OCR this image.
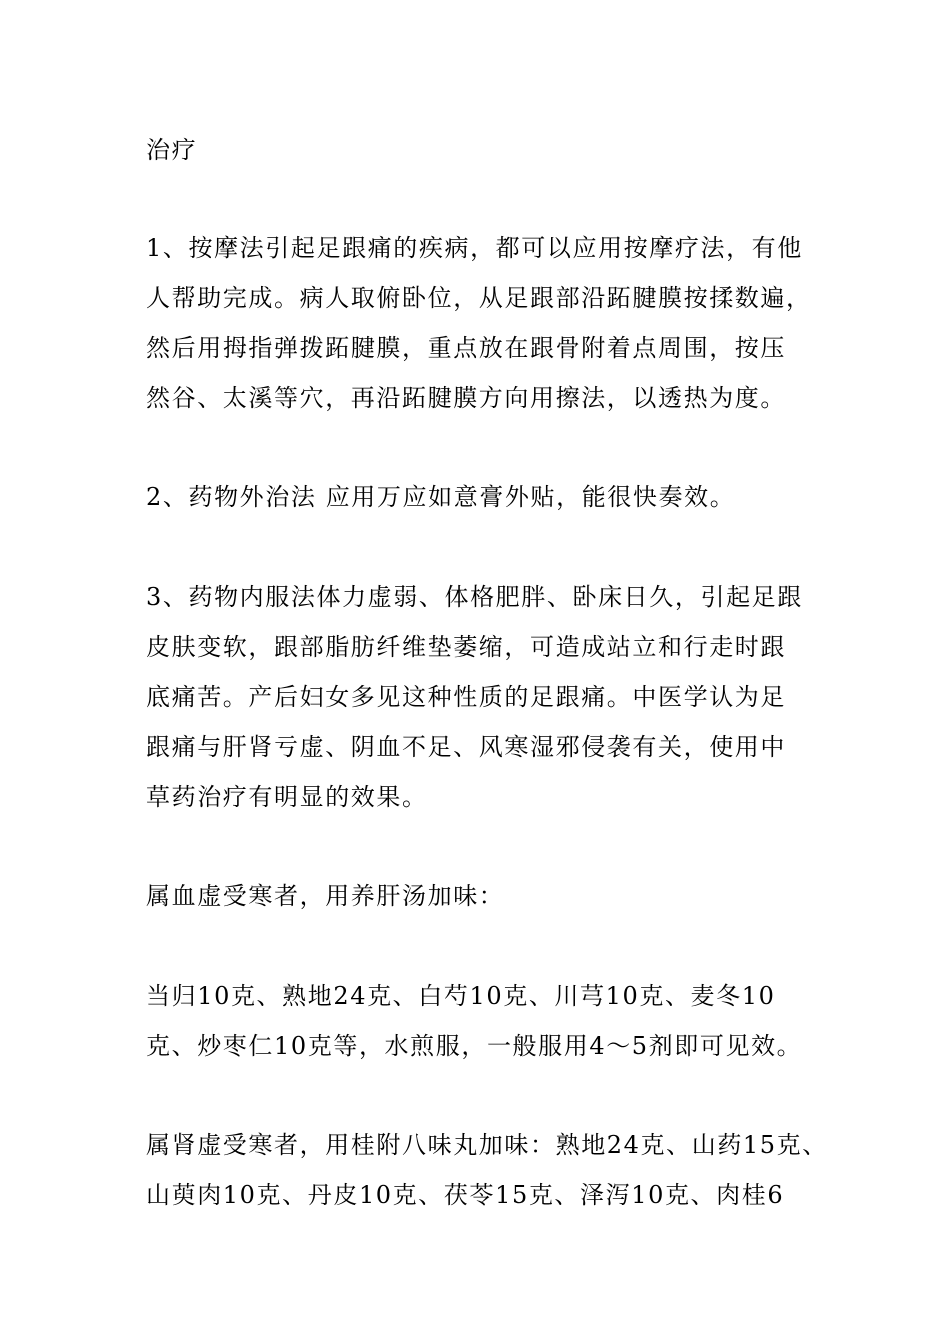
治疗
1、按摩法引起足跟痛的疾病，都可以应用按摩疗法，有他
人帮助完成。病人取俯卧位，从足跟部沿跖腱膜按揉数遍，
然后用拇指弹拨跖腱膜，重点放在跟骨附着点周围，按压
然谷、太溪等穴，再沿跖腱膜方向用擦法，以透热为度。
2、药物外治法 应用万应如意膏外贴，能很快奏效。
3、药物内服法体力虚弱、体格肥胖、卧床日久，引起足跟
皮肤变软，跟部脂肪纤维垫萎缩，可造成站立和行走时跟
底痛苦。产后妇女多见这种性质的足跟痛。中医学认为足
跟痛与肝肾亏虚、阴血不足、风寒湿邪侵袭有关，使用中
草药治疗有明显的效果。
属血虚受寒者，用养肝汤加味：
当归10克、熟地24克、白芍10克、川芎10克、麦冬10
克、炒枣仁10克等，水煎服，一般服用4～5剂即可见效。
属肾虚受寒者，用桂附八味丸加味：熟地24克、山药15克、
山萸肉10克、丹皮10克、茯苓15克、泽泻10克、肉桂6
